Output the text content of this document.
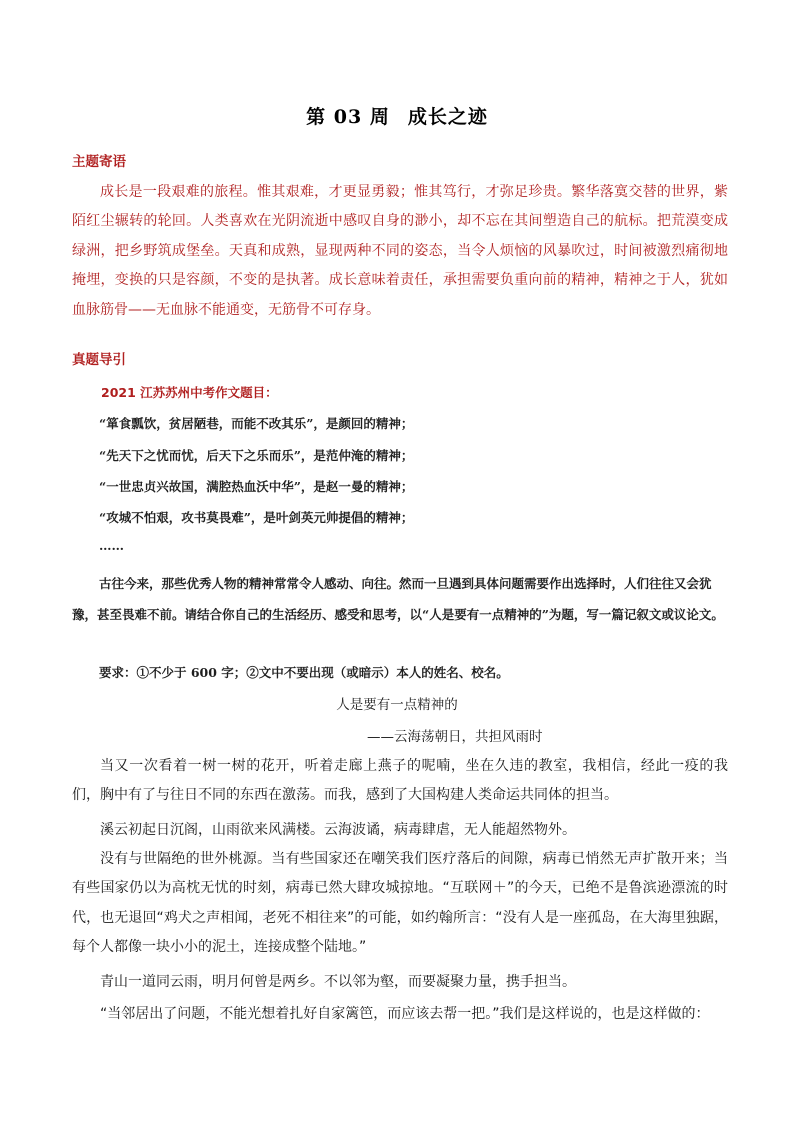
第 03 周 成长之迹
主题寄语
成长是一段艰难的旅程。惟其艰难，才更显勇毅；惟其笃行，才弥足珍贵。繁华落寞交替的世界，紫陌红尘辗转的轮回。人类喜欢在光阴流逝中感叹自身的渺小，却不忘在其间塑造自己的航标。把荒漠变成绿洲，把乡野筑成堡垒。天真和成熟，显现两种不同的姿态，当令人烦恼的风暴吹过，时间被激烈痛彻地掩埋，变换的只是容颜，不变的是执著。成长意味着责任，承担需要负重向前的精神，精神之于人，犹如血脉筋骨——无血脉不能通变，无筋骨不可存身。
真题导引
2021 江苏苏州中考作文题目：
“箪食瓢饮，贫居陋巷，而能不改其乐”，是颜回的精神；
“先天下之忧而忧，后天下之乐而乐”，是范仲淹的精神；
“一世忠贞兴故国，满腔热血沃中华”，是赵一曼的精神；
“攻城不怕艰，攻书莫畏难”，是叶剑英元帅提倡的精神；
……
古往今来，那些优秀人物的精神常常令人感动、向往。然而一旦遇到具体问题需要作出选择时，人们往往又会犹豫，甚至畏难不前。请结合你自己的生活经历、感受和思考，以“人是要有一点精神的”为题，写一篇记叙文或议论文。
要求：①不少于 600 字；②文中不要出现（或暗示）本人的姓名、校名。
人是要有一点精神的
——云海荡朝日，共担风雨时
当又一次看着一树一树的花开，听着走廊上燕子的呢喃，坐在久违的教室，我相信，经此一疫的我们，胸中有了与往日不同的东西在激荡。而我，感到了大国构建人类命运共同体的担当。
溪云初起日沉阁，山雨欲来风满楼。云海波谲，病毒肆虐，无人能超然物外。
没有与世隔绝的世外桃源。当有些国家还在嘲笑我们医疗落后的间隙，病毒已悄然无声扩散开来；当有些国家仍以为高枕无忧的时刻，病毒已然大肆攻城掠地。“互联网＋”的今天，已绝不是鲁滨逊漂流的时代，也无退回“鸡犬之声相闻，老死不相往来”的可能，如约翰所言：“没有人是一座孤岛，在大海里独踞，每个人都像一块小小的泥土，连接成整个陆地。”
青山一道同云雨，明月何曾是两乡。不以邻为壑，而要凝聚力量，携手担当。
“当邻居出了问题，不能光想着扎好自家篱笆，而应该去帮一把。”我们是这样说的，也是这样做的：
